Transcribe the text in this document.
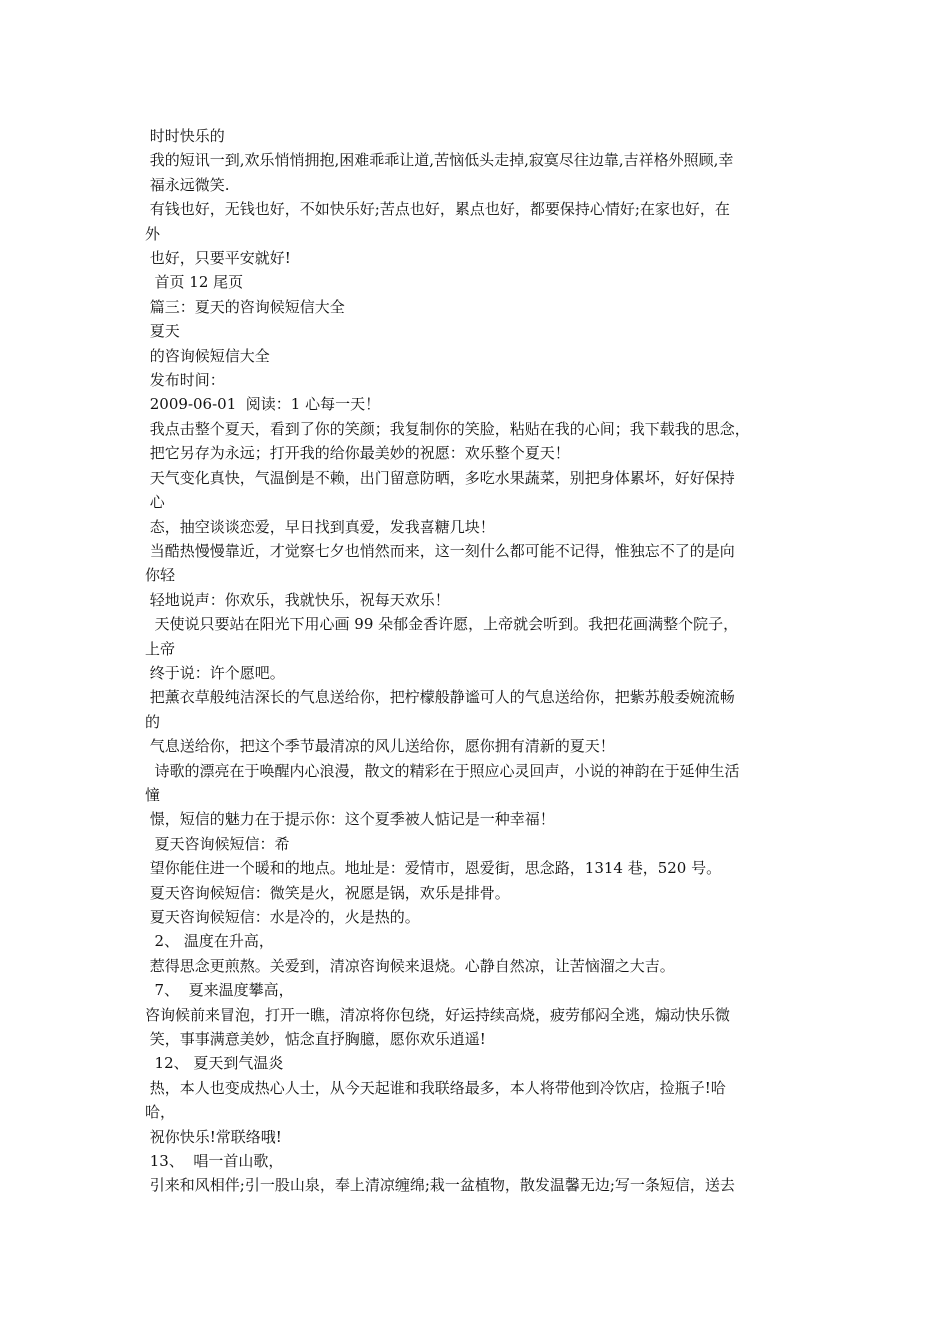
时时快乐的
我的短讯一到,欢乐悄悄拥抱,困难乖乖让道,苦恼低头走掉,寂寞尽往边靠,吉祥格外照顾,幸
福永远微笑.
有钱也好，无钱也好，不如快乐好;苦点也好，累点也好，都要保持心情好;在家也好，在
外
也好，只要平安就好!
首页 12 尾页
篇三：夏天的咨询候短信大全
夏天
的咨询候短信大全
发布时间：
2009-06-01  阅读：1 心每一天！
我点击整个夏天，看到了你的笑颜；我复制你的笑脸，粘贴在我的心间；我下载我的思念，
把它另存为永远；打开我的给你最美妙的祝愿：欢乐整个夏天！
天气变化真快，气温倒是不赖，出门留意防晒，多吃水果蔬菜，别把身体累坏，好好保持
心
态，抽空谈谈恋爱，早日找到真爱，发我喜糖几块！
当酷热慢慢靠近，才觉察七夕也悄然而来，这一刻什么都可能不记得，惟独忘不了的是向
你轻
轻地说声：你欢乐，我就快乐，祝每天欢乐！
天使说只要站在阳光下用心画 99 朵郁金香许愿，上帝就会听到。我把花画满整个院子，
上帝
终于说：许个愿吧。
把薰衣草般纯洁深长的气息送给你，把柠檬般静谧可人的气息送给你，把紫苏般委婉流畅
的
气息送给你，把这个季节最清凉的风儿送给你，愿你拥有清新的夏天！
诗歌的漂亮在于唤醒内心浪漫，散文的精彩在于照应心灵回声，小说的神韵在于延伸生活
憧
憬，短信的魅力在于提示你：这个夏季被人惦记是一种幸福！
夏天咨询候短信：希
望你能住进一个暖和的地点。地址是：爱情市，恩爱街，思念路，1314 巷，520 号。
夏天咨询候短信：微笑是火，祝愿是锅，欢乐是排骨。
夏天咨询候短信：水是冷的，火是热的。
2、 温度在升高，
惹得思念更煎熬。关爱到，清凉咨询候来退烧。心静自然凉，让苦恼溜之大吉。
7、  夏来温度攀高，
咨询候前来冒泡，打开一瞧，清凉将你包绕，好运持续高烧，疲劳郁闷全逃，煽动快乐微
笑，事事满意美妙，惦念直抒胸臆，愿你欢乐逍遥!
12、 夏天到气温炎
热，本人也变成热心人士，从今天起谁和我联络最多，本人将带他到冷饮店，捡瓶子!哈
哈，
祝你快乐!常联络哦!
13、  唱一首山歌，
引来和风相伴;引一股山泉，奉上清凉缠绵;栽一盆植物，散发温馨无边;写一条短信，送去
